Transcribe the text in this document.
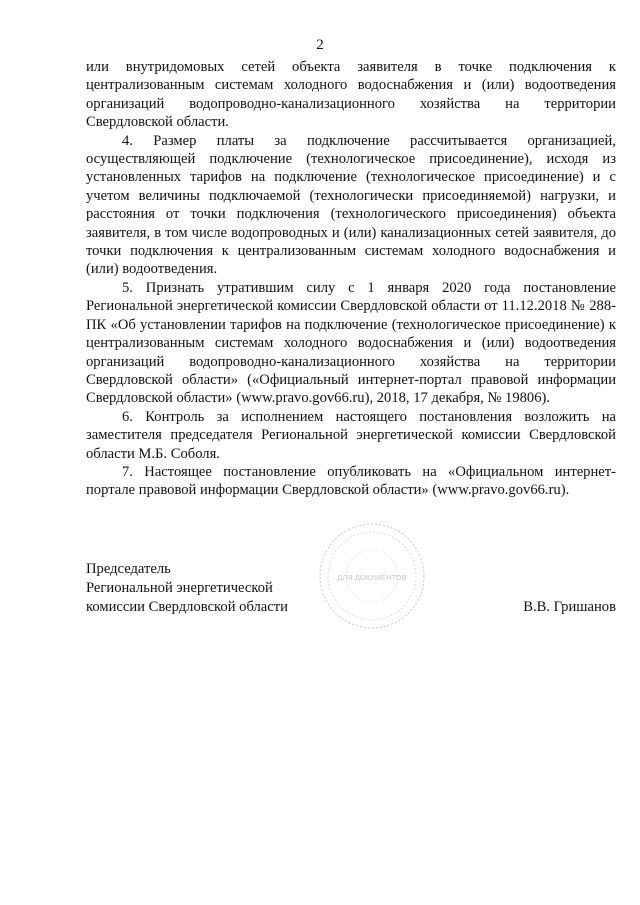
2

или внутридомовых сетей объекта заявителя в точке подключения к централизованным системам холодного водоснабжения и (или) водоотведения организаций водопроводно-канализационного хозяйства на территории Свердловской области.

4. Размер платы за подключение рассчитывается организацией, осуществляющей подключение (технологическое присоединение), исходя из установленных тарифов на подключение (технологическое присоединение) и с учетом величины подключаемой (технологически присоединяемой) нагрузки, и расстояния от точки подключения (технологического присоединения) объекта заявителя, в том числе водопроводных и (или) канализационных сетей заявителя, до точки подключения к централизованным системам холодного водоснабжения и (или) водоотведения.

5. Признать утратившим силу с 1 января 2020 года постановление Региональной энергетической комиссии Свердловской области от 11.12.2018 № 288-ПК «Об установлении тарифов на подключение (технологическое присоединение) к централизованным системам холодного водоснабжения и (или) водоотведения организаций водопроводно-канализационного хозяйства на территории Свердловской области» («Официальный интернет-портал правовой информации Свердловской области» (www.pravo.gov66.ru), 2018, 17 декабря, № 19806).

6. Контроль за исполнением настоящего постановления возложить на заместителя председателя Региональной энергетической комиссии Свердловской области М.Б. Соболя.

7. Настоящее постановление опубликовать на «Официальном интернет-портале правовой информации Свердловской области» (www.pravo.gov66.ru).

ДЛЯ ДОКУМЕНТОВ
Председатель
Региональной энергетической
комиссии Свердловской области	В.В. Гришанов
